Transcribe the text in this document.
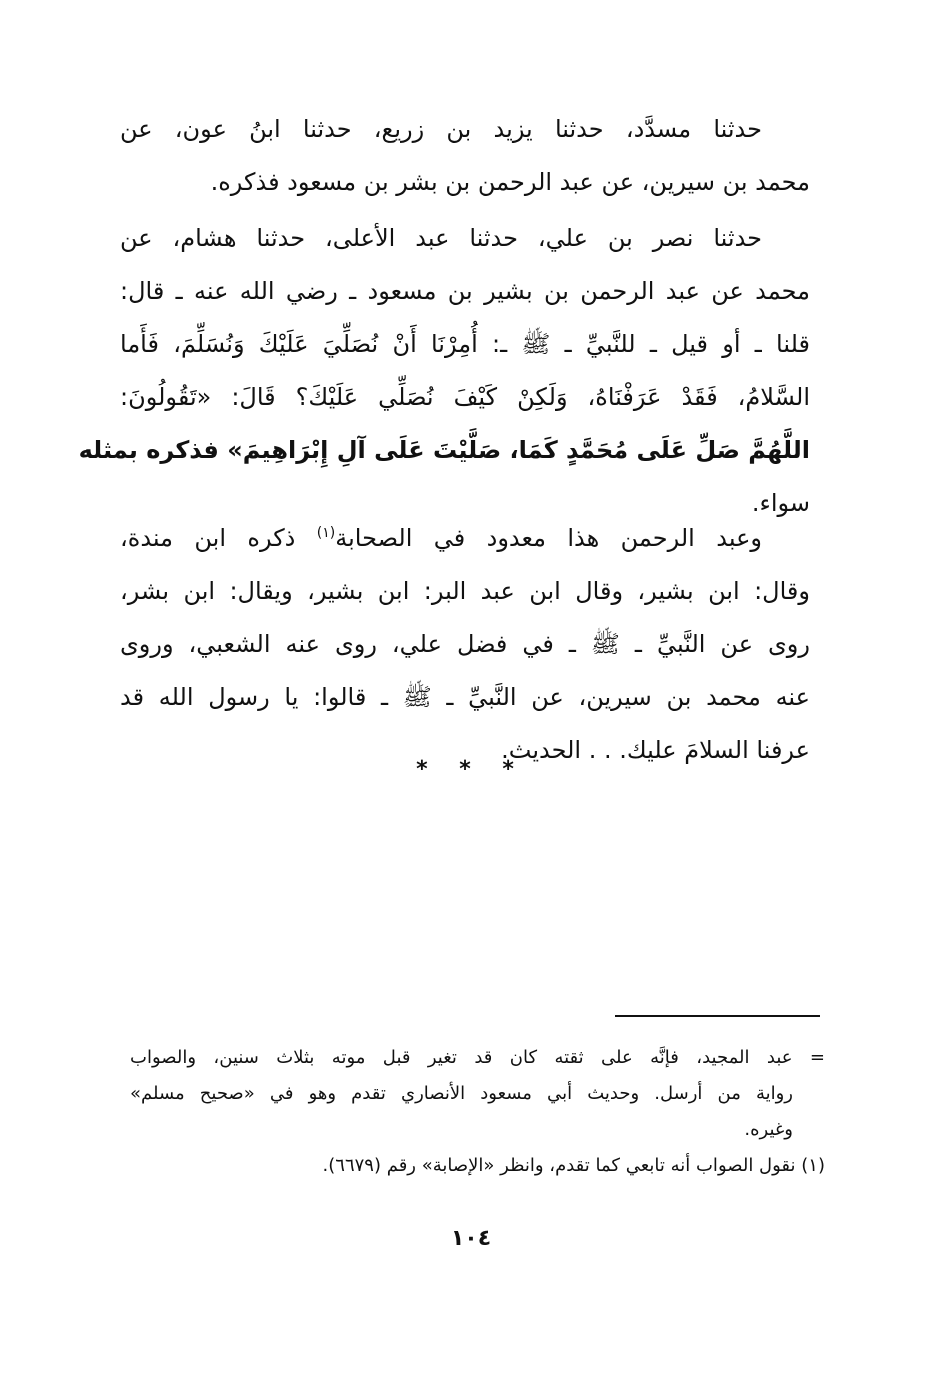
حدثنا مسدَّد، حدثنا يزيد بن زريع، حدثنا ابنُ عون، عن
محمد بن سيرين، عن عبد الرحمن بن بشر بن مسعود فذكره.
حدثنا نصر بن علي، حدثنا عبد الأعلى، حدثنا هشام، عن
محمد عن عبد الرحمن بن بشير بن مسعود ـ رضي الله عنه ـ قال:
قلنا ـ أو قيل ـ للنَّبيِّ ـ ﷺ ـ: أُمِرْنَا أَنْ نُصَلِّيَ عَلَيْكَ وَنُسَلِّمَ، فَأَما
السَّلامُ، فَقَدْ عَرَفْنَاهُ، وَلَكِنْ كَيْفَ نُصَلِّي عَلَيْكَ؟ قَالَ: «تَقُولُونَ:
اللَّهُمَّ صَلِّ عَلَى مُحَمَّدٍ كَمَا، صَلَّيْتَ عَلَى آلِ إِبْرَاهِيمَ» فذكره بمثله
سواء.
وعبد الرحمن هذا معدود في الصحابة$^{(١)}$ ذكره ابن مندة،
وقال: ابن بشير، وقال ابن عبد البر: ابن بشير، ويقال: ابن بشر،
روى عن النَّبيِّ ـ ﷺ ـ في فضل علي، روى عنه الشعبي، وروى
عنه محمد بن سيرين، عن النَّبيِّ ـ ﷺ ـ قالوا: يا رسول الله قد
عرفنا السلامَ عليك. . . الحديث.
* * *
= عبد المجيد، فإنَّه على ثقته كان قد تغير قبل موته بثلاث سنين، والصواب
رواية من أرسل. وحديث أبي مسعود الأنصاري تقدم وهو في «صحيح مسلم»
وغيره.
(١) نقول الصواب أنه تابعي كما تقدم، وانظر «الإصابة» رقم (٦٦٧٩).
١٠٤
